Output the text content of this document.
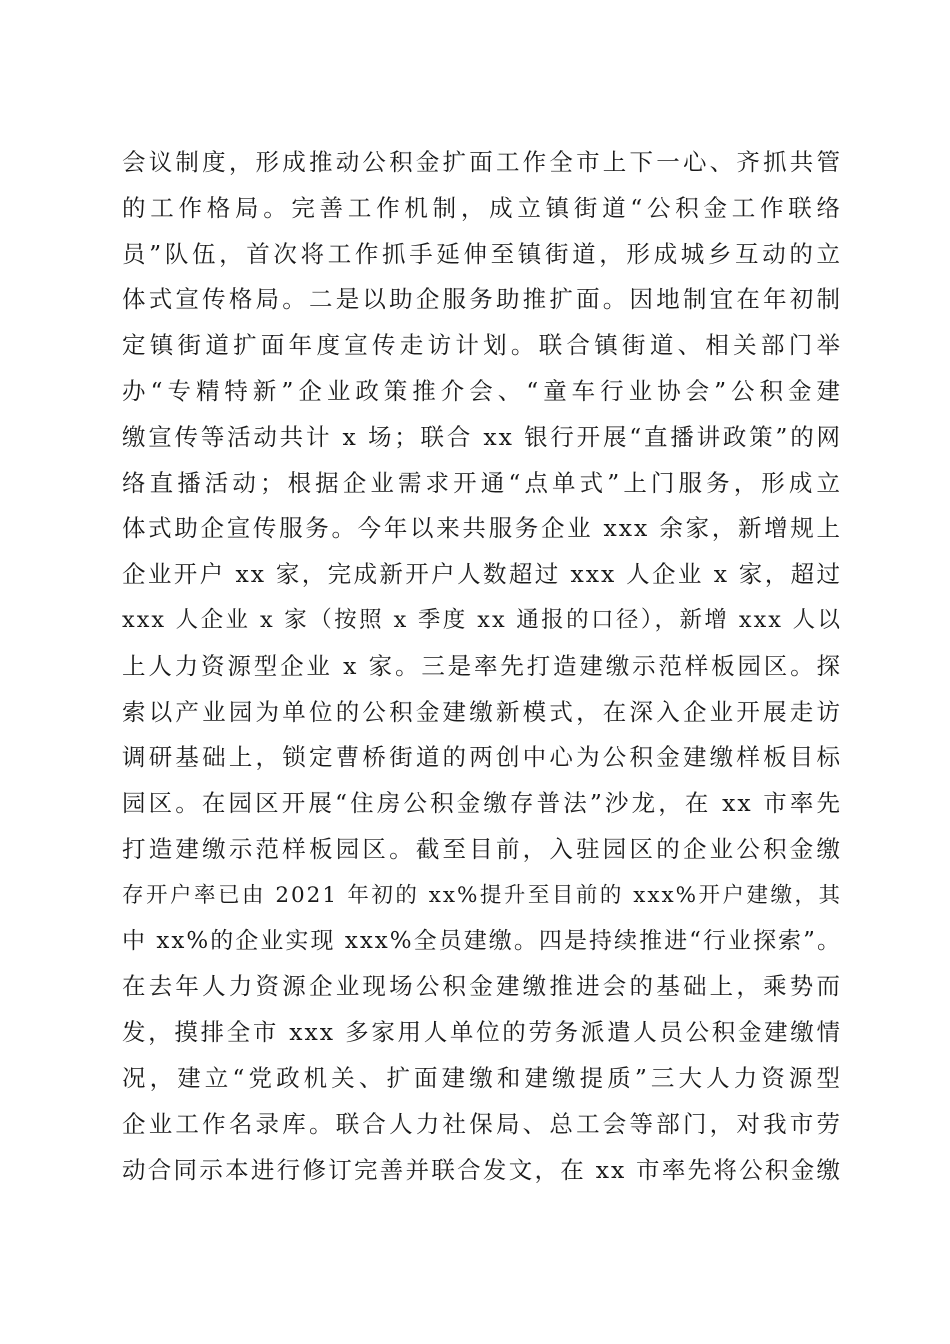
会议制度，形成推动公积金扩面工作全市上下一心、齐抓共管
的工作格局。完善工作机制，成立镇街道“公积金工作联络
员”队伍，首次将工作抓手延伸至镇街道，形成城乡互动的立
体式宣传格局。二是以助企服务助推扩面。因地制宜在年初制
定镇街道扩面年度宣传走访计划。联合镇街道、相关部门举
办“专精特新”企业政策推介会、“童车行业协会”公积金建
缴宣传等活动共计 x 场；联合 xx 银行开展“直播讲政策”的网
络直播活动；根据企业需求开通“点单式”上门服务，形成立
体式助企宣传服务。今年以来共服务企业 xxx 余家，新增规上
企业开户 xx 家，完成新开户人数超过 xxx 人企业 x 家，超过
xxx 人企业 x 家（按照 x 季度 xx 通报的口径），新增 xxx 人以
上人力资源型企业 x 家。三是率先打造建缴示范样板园区。探
索以产业园为单位的公积金建缴新模式，在深入企业开展走访
调研基础上，锁定曹桥街道的两创中心为公积金建缴样板目标
园区。在园区开展“住房公积金缴存普法”沙龙，在 xx 市率先
打造建缴示范样板园区。截至目前，入驻园区的企业公积金缴
存开户率已由 2021 年初的 xx%提升至目前的 xxx%开户建缴，其
中 xx%的企业实现 xxx%全员建缴。四是持续推进“行业探索”。
在去年人力资源企业现场公积金建缴推进会的基础上，乘势而
发，摸排全市 xxx 多家用人单位的劳务派遣人员公积金建缴情
况，建立“党政机关、扩面建缴和建缴提质”三大人力资源型
企业工作名录库。联合人力社保局、总工会等部门，对我市劳
动合同示本进行修订完善并联合发文，在 xx 市率先将公积金缴
